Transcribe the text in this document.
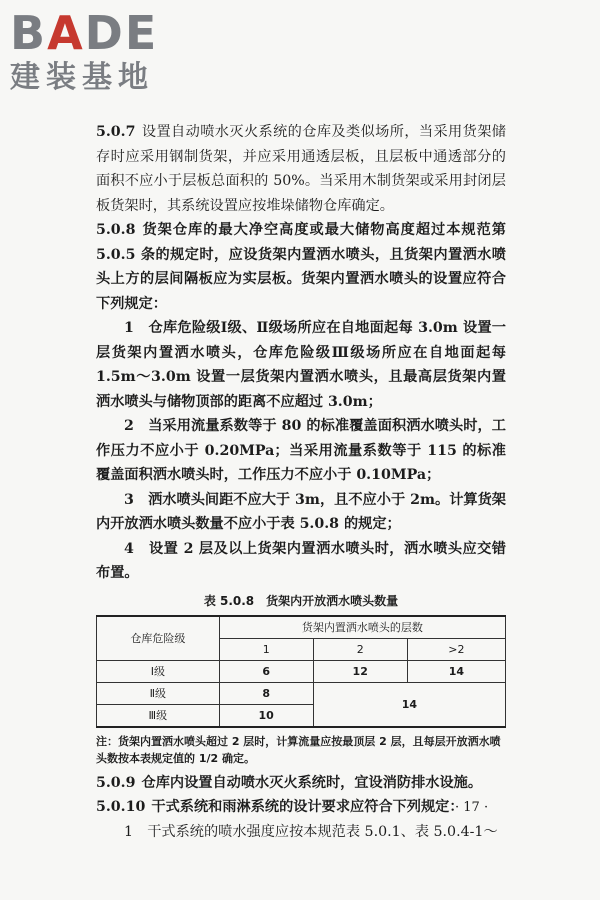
BADE
建装基地

5.0.7 设置自动喷水灭火系统的仓库及类似场所，当采用货架储存时应采用钢制货架，并应采用通透层板，且层板中通透部分的面积不应小于层板总面积的 50%。当采用木制货架或采用封闭层板货架时，其系统设置应按堆垛储物仓库确定。

5.0.8 货架仓库的最大净空高度或最大储物高度超过本规范第 5.0.5 条的规定时，应设货架内置洒水喷头，且货架内置洒水喷头上方的层间隔板应为实层板。货架内置洒水喷头的设置应符合下列规定：

1　仓库危险级Ⅰ级、Ⅱ级场所应在自地面起每 3.0m 设置一层货架内置洒水喷头，仓库危险级Ⅲ级场所应在自地面起每 1.5m～3.0m 设置一层货架内置洒水喷头，且最高层货架内置洒水喷头与储物顶部的距离不应超过 3.0m；

2　当采用流量系数等于 80 的标准覆盖面积洒水喷头时，工作压力不应小于 0.20MPa；当采用流量系数等于 115 的标准覆盖面积洒水喷头时，工作压力不应小于 0.10MPa；

3　洒水喷头间距不应大于 3m，且不应小于 2m。计算货架内开放洒水喷头数量不应小于表 5.0.8 的规定；

4　设置 2 层及以上货架内置洒水喷头时，洒水喷头应交错布置。

表 5.0.8 货架内开放洒水喷头数量
仓库危险级	货架内置洒水喷头的层数		
	1	2	>2
Ⅰ级	6	12	14
Ⅱ级	8	14	
Ⅲ级	10		

注：货架内置洒水喷头超过 2 层时，计算流量应按最顶层 2 层，且每层开放洒水喷头数按本表规定值的 1/2 确定。

5.0.9 仓库内设置自动喷水灭火系统时，宜设消防排水设施。

5.0.10 干式系统和雨淋系统的设计要求应符合下列规定：

1　干式系统的喷水强度应按本规范表 5.0.1、表 5.0.4-1～

· 17 ·
